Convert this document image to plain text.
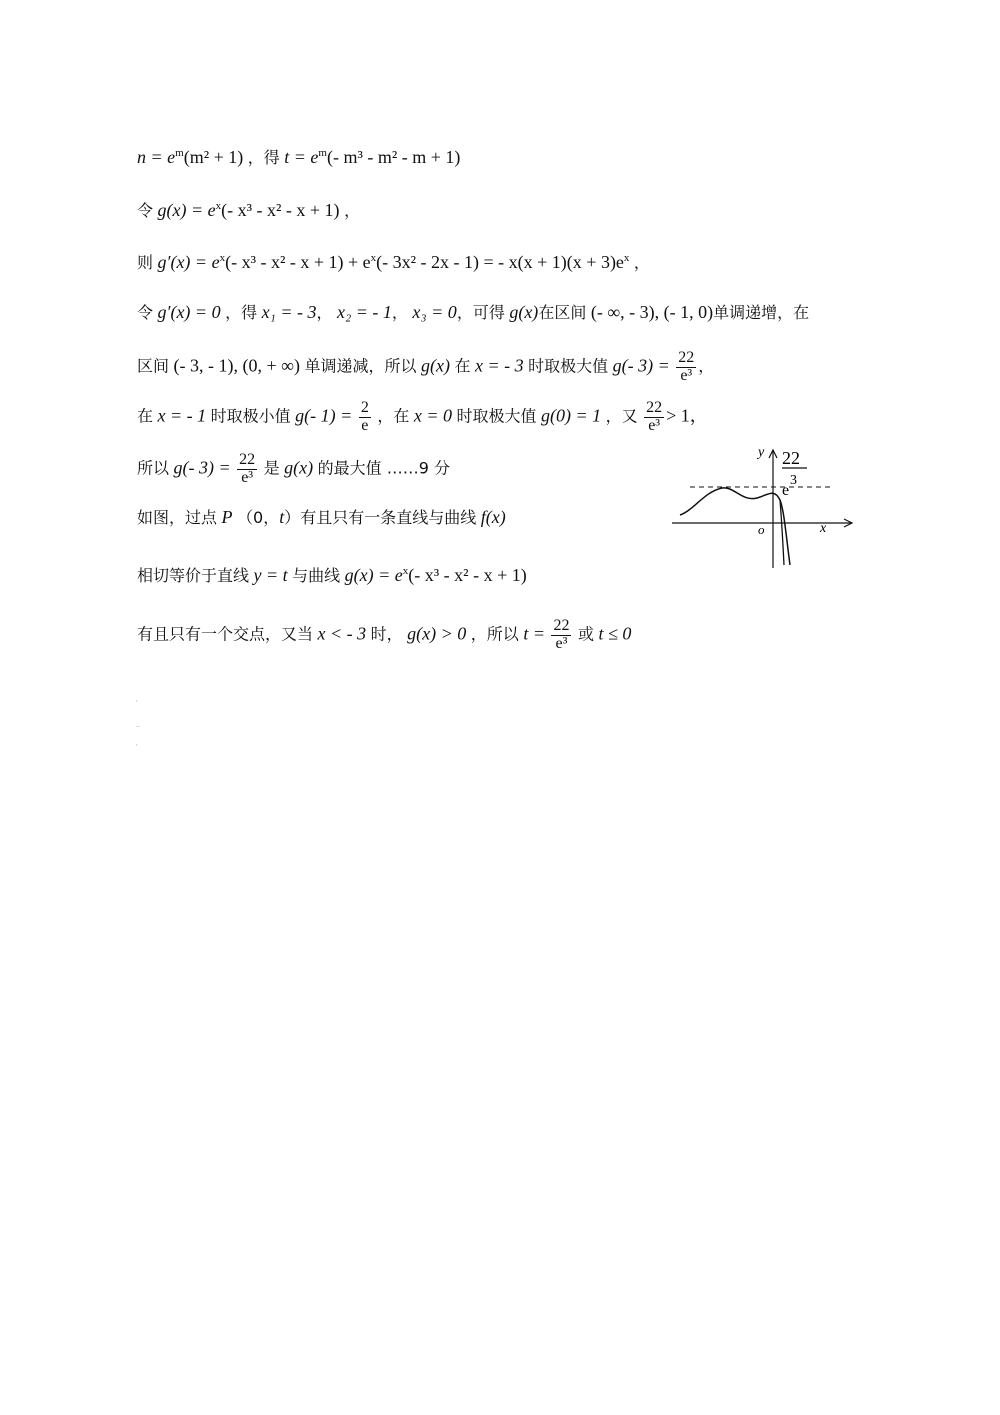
$n = e^m(m^2 + 1)$ ，得 $t = e^m(-$ m³ - m² - m + 1)
令 $g(x) = e^x(-$ x³ - x² - x + 1) ，
则 $g'(x) = e^x(-$ $x^3 - x^2 - x + 1) + e^x(-$ 3x² - 2x - 1) = - $x(x + 1)(x + 3)e^x$ ，
令 g′(x) = 0 ，得 x₁ = - 3， x₂ = - 1， x₃ = 0，可得 g(x)在区间 (- ∞, - 3), (- 1, 0)单调递增，在
区间 (- 3, - 1), (0, + ∞) 单调递减，所以 g(x) 在 x = - 3 时取极大值 g(- $3) = \frac{22}{\text{e³}}$ ，
在 x = - 1 时取极小值 g(- $1) = \frac{2}{e}$ ，在 x = 0 时取极大值 g(0) = 1 ，又 $\frac{22}{\text{e³}} > 1$，
所以 g(- $3) = \frac{22}{\text{e³}}$ 是 g(x) 的最大值 ……9 分
如图，过点 P （0，t）有且只有一条直线与曲线 f(x)
相切等价于直线 y = t 与曲线 $g(x) = e^x(-$ x³ - x² - x + 1)
有且只有一个交点，又当 x < - 3 时， g(x) > 0 ，所以 $t = \frac{22}{\text{e³}}$ 或 t ≤ 0
y
x
o
22
e
3
'
..
'
